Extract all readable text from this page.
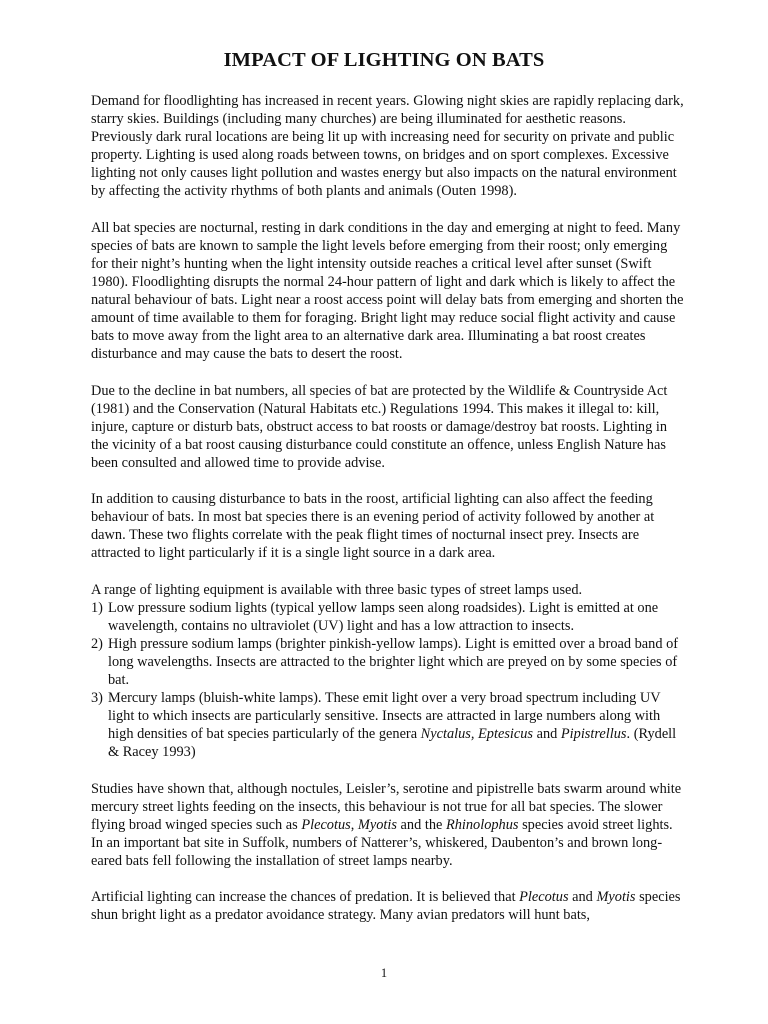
IMPACT OF LIGHTING ON BATS

Demand for floodlighting has increased in recent years. Glowing night skies are rapidly replacing dark, starry skies. Buildings (including many churches) are being illuminated for aesthetic reasons. Previously dark rural locations are being lit up with increasing need for security on private and public property. Lighting is used along roads between towns, on bridges and on sport complexes. Excessive lighting not only causes light pollution and wastes energy but also impacts on the natural environment by affecting the activity rhythms of both plants and animals (Outen 1998).

All bat species are nocturnal, resting in dark conditions in the day and emerging at night to feed. Many species of bats are known to sample the light levels before emerging from their roost; only emerging for their night’s hunting when the light intensity outside reaches a critical level after sunset (Swift 1980). Floodlighting disrupts the normal 24-hour pattern of light and dark which is likely to affect the natural behaviour of bats. Light near a roost access point will delay bats from emerging and shorten the amount of time available to them for foraging. Bright light may reduce social flight activity and cause bats to move away from the light area to an alternative dark area. Illuminating a bat roost creates disturbance and may cause the bats to desert the roost.

Due to the decline in bat numbers, all species of bat are protected by the Wildlife & Countryside Act (1981) and the Conservation (Natural Habitats etc.) Regulations 1994. This makes it illegal to: kill, injure, capture or disturb bats, obstruct access to bat roosts or damage/destroy bat roosts. Lighting in the vicinity of a bat roost causing disturbance could constitute an offence, unless English Nature has been consulted and allowed time to provide advise.

In addition to causing disturbance to bats in the roost, artificial lighting can also affect the feeding behaviour of bats. In most bat species there is an evening period of activity followed by another at dawn. These two flights correlate with the peak flight times of nocturnal insect prey. Insects are attracted to light particularly if it is a single light source in a dark area.

A range of lighting equipment is available with three basic types of street lamps used.

1) Low pressure sodium lights (typical yellow lamps seen along roadsides). Light is emitted at one wavelength, contains no ultraviolet (UV) light and has a low attraction to insects.
2) High pressure sodium lamps (brighter pinkish-yellow lamps). Light is emitted over a broad band of long wavelengths. Insects are attracted to the brighter light which are preyed on by some species of bat.
3) Mercury lamps (bluish-white lamps). These emit light over a very broad spectrum including UV light to which insects are particularly sensitive. Insects are attracted in large numbers along with high densities of bat species particularly of the genera Nyctalus, Eptesicus and Pipistrellus. (Rydell & Racey 1993)

Studies have shown that, although noctules, Leisler’s, serotine and pipistrelle bats swarm around white mercury street lights feeding on the insects, this behaviour is not true for all bat species. The slower flying broad winged species such as Plecotus, Myotis and the Rhinolophus species avoid street lights. In an important bat site in Suffolk, numbers of Natterer’s, whiskered, Daubenton’s and brown long-eared bats fell following the installation of street lamps nearby.

Artificial lighting can increase the chances of predation. It is believed that Plecotus and Myotis species shun bright light as a predator avoidance strategy. Many avian predators will hunt bats,

1
